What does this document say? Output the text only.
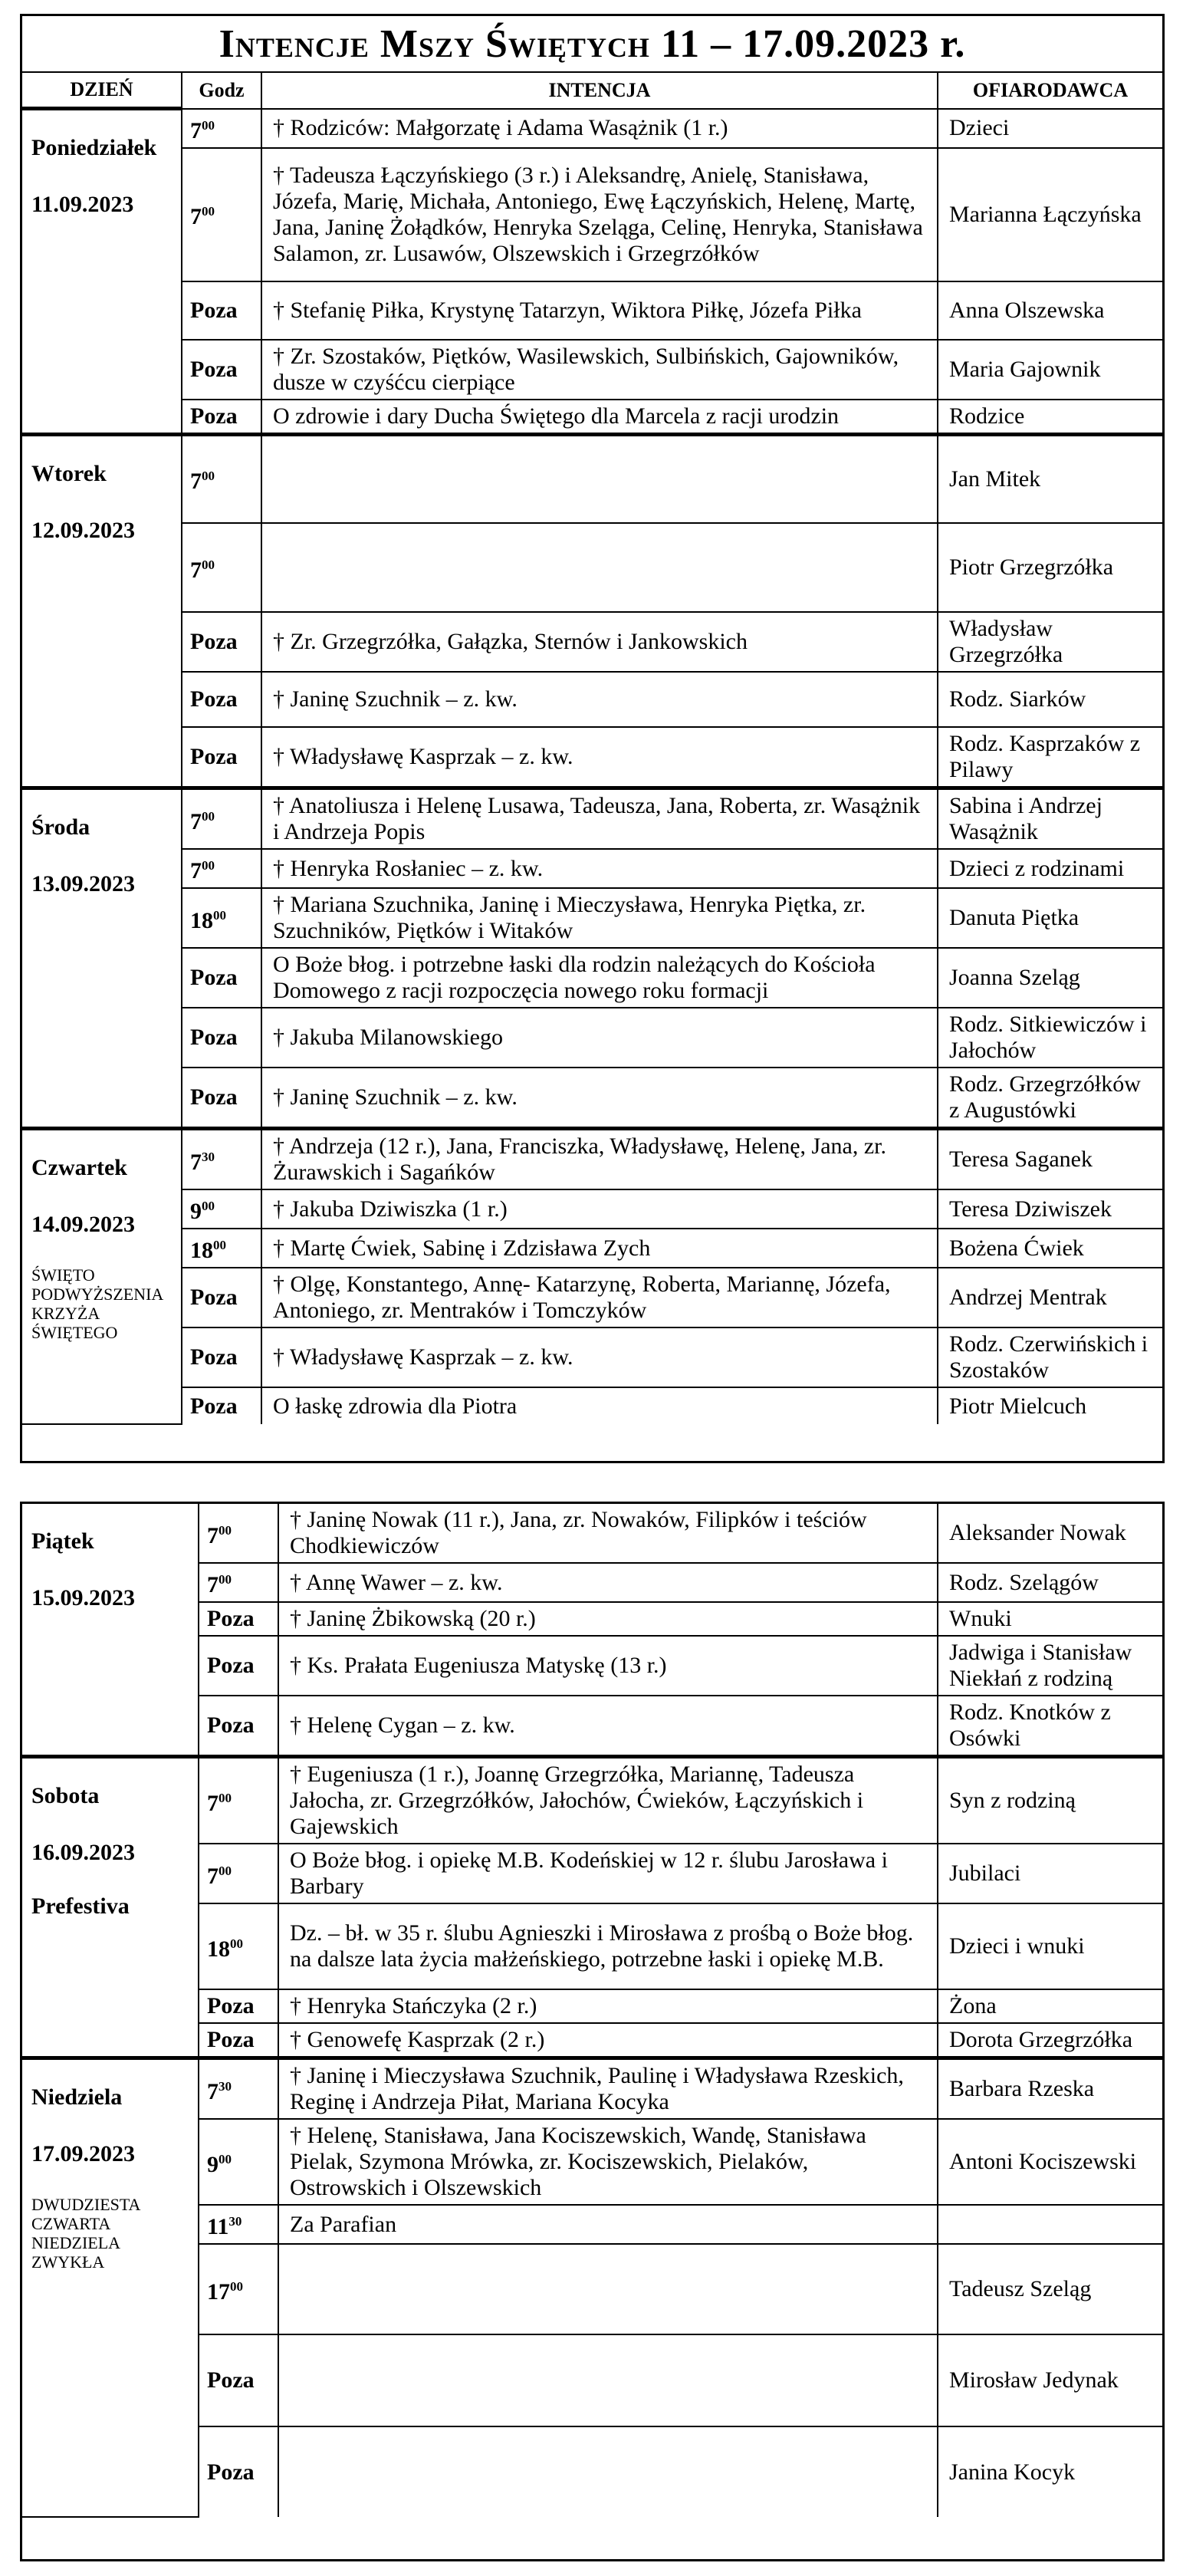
Intencje Mszy Świętych
11 – 17.09.2023 r.
DZIEŃ	Godz	INTENCJA	OFIARODAWCA

Poniedziałek
11.09.2023	$7^{00}$	† Rodziców: Małgorzatę i Adama Wasążnik (1 r.)	Dzieci
	$7^{00}$	† Tadeusza Łączyńskiego (3 r.) i Aleksandrę, Anielę, Stanisława, Józefa, Marię, Michała, Antoniego, Ewę Łączyńskich, Helenę, Martę, Jana, Janinę Żołądków, Henryka Szeląga, Celinę, Henryka, Stanisława Salamon, zr. Lusawów, Olszewskich i Grzegrzółków	Marianna Łączyńska
	Poza	† Stefanię Piłka, Krystynę Tatarzyn, Wiktora Piłkę, Józefa Piłka	Anna Olszewska
	Poza	† Zr. Szostaków, Piętków, Wasilewskich, Sulbińskich, Gajowników, dusze w czyśćcu cierpiące	Maria Gajownik
	Poza	O zdrowie i dary Ducha Świętego dla Marcela z racji urodzin	Rodzice

Wtorek
12.09.2023	$7^{00}$		Jan Mitek
	$7^{00}$		Piotr Grzegrzółka
	Poza	† Zr. Grzegrzółka, Gałązka, Sternów i Jankowskich	Władysław Grzegrzółka
	Poza	† Janinę Szuchnik – z. kw.	Rodz. Siarków
	Poza	† Władysławę Kasprzak – z. kw.	Rodz. Kasprzaków z Pilawy

Środa
13.09.2023	$7^{00}$	† Anatoliusza i Helenę Lusawa, Tadeusza, Jana, Roberta, zr. Wasążnik i Andrzeja Popis	Sabina i Andrzej Wasążnik
	$7^{00}$	† Henryka Rosłaniec – z. kw.	Dzieci z rodzinami
	$18^{00}$	† Mariana Szuchnika, Janinę i Mieczysława, Henryka Piętka, zr. Szuchników, Piętków i Witaków	Danuta Piętka
	Poza	O Boże błog. i potrzebne łaski dla rodzin należących do Kościoła Domowego z racji rozpoczęcia nowego roku formacji	Joanna Szeląg
	Poza	† Jakuba Milanowskiego	Rodz. Sitkiewiczów i Jałochów
	Poza	† Janinę Szuchnik – z. kw.	Rodz. Grzegrzółków z Augustówki

Czwartek
14.09.2023
ŚWIĘTO PODWYŻSZENIA KRZYŻA ŚWIĘTEGO	$7^{30}$	† Andrzeja (12 r.), Jana, Franciszka, Władysławę, Helenę, Jana, zr. Żurawskich i Sagańków	Teresa Saganek
	$9^{00}$	† Jakuba Dziwiszka (1 r.)	Teresa Dziwiszek
	$18^{00}$	† Martę Ćwiek, Sabinę i Zdzisława Zych	Bożena Ćwiek
	Poza	† Olgę, Konstantego, Annę- Katarzynę, Roberta, Mariannę, Józefa, Antoniego, zr. Mentraków i Tomczyków	Andrzej Mentrak
	Poza	† Władysławę Kasprzak – z. kw.	Rodz. Czerwińskich i Szostaków
	Poza	O łaskę zdrowia dla Piotra	Piotr Mielcuch
Piątek
15.09.2023	$7^{00}$	† Janinę Nowak (11 r.), Jana, zr. Nowaków, Filipków i teściów Chodkiewiczów	Aleksander Nowak
	$7^{00}$	† Annę Wawer – z. kw.	Rodz. Szelągów
	Poza	† Janinę Żbikowską (20 r.)	Wnuki
	Poza	† Ks. Prałata Eugeniusza Matyskę (13 r.)	Jadwiga i Stanisław Niekłań z rodziną
	Poza	† Helenę Cygan – z. kw.	Rodz. Knotków z Osówki

Sobota
16.09.2023
Prefestiva	$7^{00}$	† Eugeniusza (1 r.), Joannę Grzegrzółka, Mariannę, Tadeusza Jałocha, zr. Grzegrzółków, Jałochów, Ćwieków, Łączyńskich i Gajewskich	Syn z rodziną
	$7^{00}$	O Boże błog. i opiekę M.B. Kodeńskiej w 12 r. ślubu Jarosława i Barbary	Jubilaci
	$18^{00}$	Dz. – bł. w 35 r. ślubu Agnieszki i Mirosława z prośbą o Boże błog. na dalsze lata życia małżeńskiego, potrzebne łaski i opiekę M.B.	Dzieci i wnuki
	Poza	† Henryka Stańczyka (2 r.)	Żona
	Poza	† Genowefę Kasprzak (2 r.)	Dorota Grzegrzółka

Niedziela
17.09.2023
DWUDZIESTA CZWARTA NIEDZIELA ZWYKŁA	$7^{30}$	† Janinę i Mieczysława Szuchnik, Paulinę i Władysława Rzeskich, Reginę i Andrzeja Piłat, Mariana Kocyka	Barbara Rzeska
	$9^{00}$	† Helenę, Stanisława, Jana Kociszewskich, Wandę, Stanisława Pielak, Szymona Mrówka, zr. Kociszewskich, Pielaków, Ostrowskich i Olszewskich	Antoni Kociszewski
	$11^{30}$	Za Parafian	
	$17^{00}$		Tadeusz Szeląg
	Poza		Mirosław Jedynak
	Poza		Janina Kocyk
